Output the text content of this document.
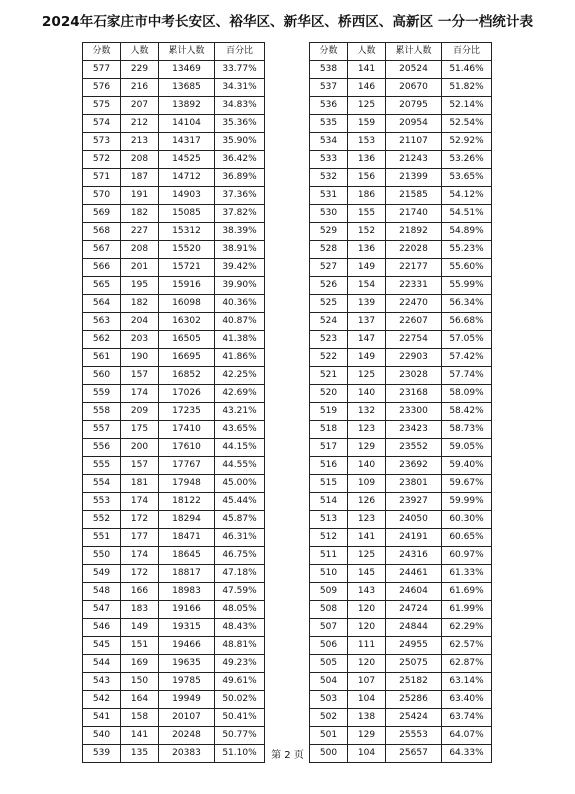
2024年石家庄市中考长安区、裕华区、新华区、桥西区、高新区 一分一档统计表
分数	人数	累计人数	百分比
577	229	13469	33.77%
576	216	13685	34.31%
575	207	13892	34.83%
574	212	14104	35.36%
573	213	14317	35.90%
572	208	14525	36.42%
571	187	14712	36.89%
570	191	14903	37.36%
569	182	15085	37.82%
568	227	15312	38.39%
567	208	15520	38.91%
566	201	15721	39.42%
565	195	15916	39.90%
564	182	16098	40.36%
563	204	16302	40.87%
562	203	16505	41.38%
561	190	16695	41.86%
560	157	16852	42.25%
559	174	17026	42.69%
558	209	17235	43.21%
557	175	17410	43.65%
556	200	17610	44.15%
555	157	17767	44.55%
554	181	17948	45.00%
553	174	18122	45.44%
552	172	18294	45.87%
551	177	18471	46.31%
550	174	18645	46.75%
549	172	18817	47.18%
548	166	18983	47.59%
547	183	19166	48.05%
546	149	19315	48.43%
545	151	19466	48.81%
544	169	19635	49.23%
543	150	19785	49.61%
542	164	19949	50.02%
541	158	20107	50.41%
540	141	20248	50.77%
539	135	20383	51.10%
分数	人数	累计人数	百分比
538	141	20524	51.46%
537	146	20670	51.82%
536	125	20795	52.14%
535	159	20954	52.54%
534	153	21107	52.92%
533	136	21243	53.26%
532	156	21399	53.65%
531	186	21585	54.12%
530	155	21740	54.51%
529	152	21892	54.89%
528	136	22028	55.23%
527	149	22177	55.60%
526	154	22331	55.99%
525	139	22470	56.34%
524	137	22607	56.68%
523	147	22754	57.05%
522	149	22903	57.42%
521	125	23028	57.74%
520	140	23168	58.09%
519	132	23300	58.42%
518	123	23423	58.73%
517	129	23552	59.05%
516	140	23692	59.40%
515	109	23801	59.67%
514	126	23927	59.99%
513	123	24050	60.30%
512	141	24191	60.65%
511	125	24316	60.97%
510	145	24461	61.33%
509	143	24604	61.69%
508	120	24724	61.99%
507	120	24844	62.29%
506	111	24955	62.57%
505	120	25075	62.87%
504	107	25182	63.14%
503	104	25286	63.40%
502	138	25424	63.74%
501	129	25553	64.07%
500	104	25657	64.33%
第 2 页
